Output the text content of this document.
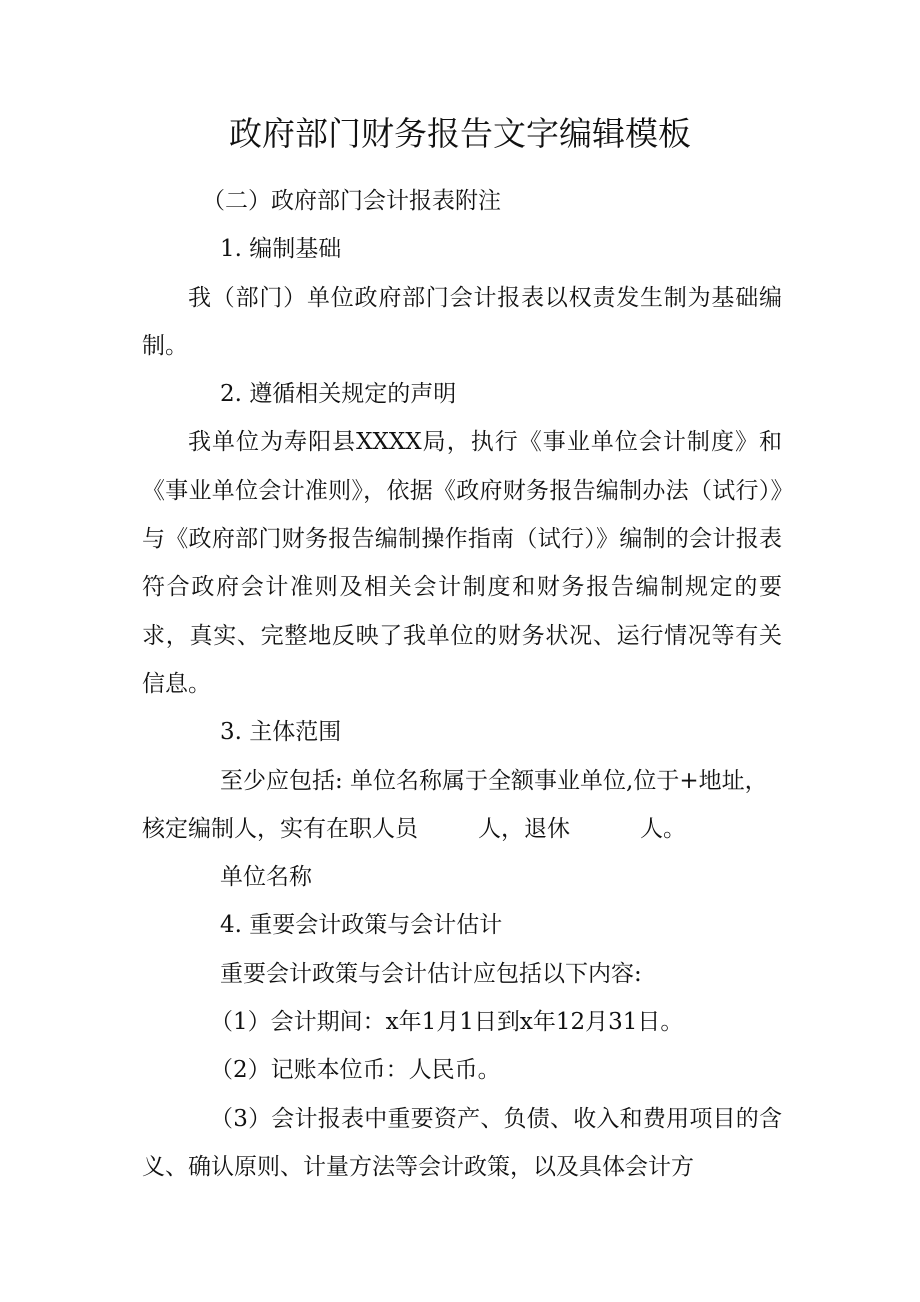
政府部门财务报告文字编辑模板

（二）政府部门会计报表附注

1. 编制基础

我（部门）单位政府部门会计报表以权责发生制为基础编制。

2. 遵循相关规定的声明

我单位为寿阳县XXXX局，执行《事业单位会计制度》和《事业单位会计准则》，依据《政府财务报告编制办法（试行）》与《政府部门财务报告编制操作指南（试行）》编制的会计报表符合政府会计准则及相关会计制度和财务报告编制规定的要求，真实、完整地反映了我单位的财务状况、运行情况等有关信息。

3. 主体范围

至少应包括: 单位名称属于全额事业单位,位于+地址，
核定编制人，实有在职人员	人，退休	人。

单位名称

4. 重要会计政策与会计估计

重要会计政策与会计估计应包括以下内容:

（1）会计期间：x年1月1日到x年12月31日。

（2）记账本位币：人民币。

（3）会计报表中重要资产、负债、收入和费用项目的含义、确认原则、计量方法等会计政策，以及具体会计方
